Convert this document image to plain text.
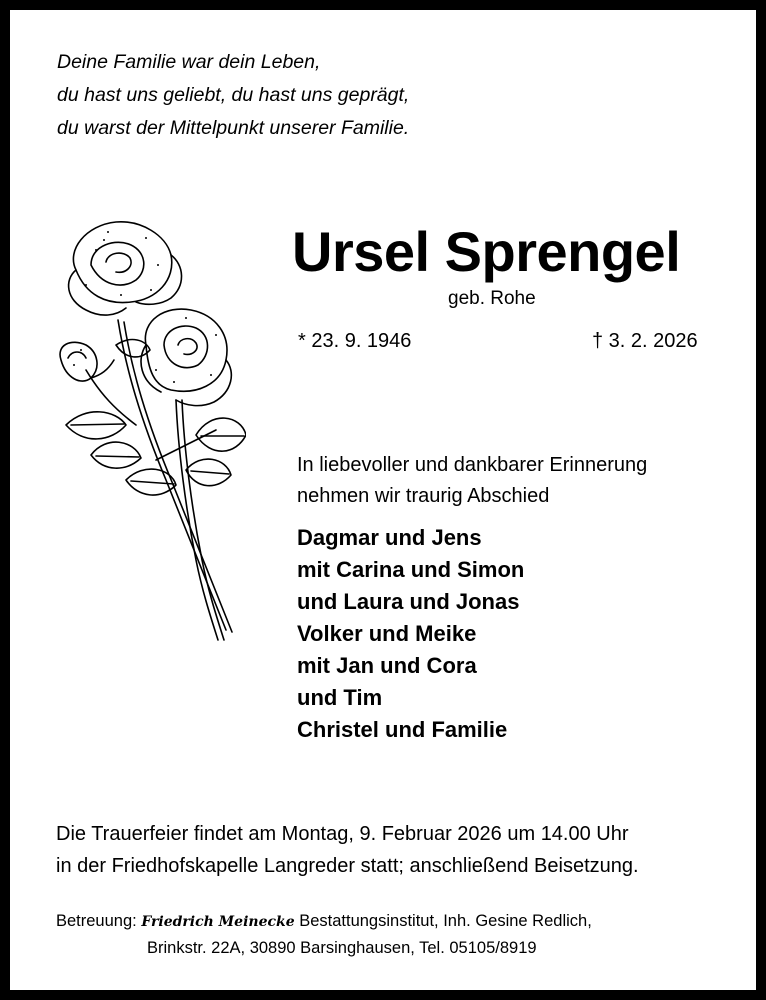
Deine Familie war dein Leben,
du hast uns geliebt, du hast uns geprägt,
du warst der Mittelpunkt unserer Familie.
Ursel Sprengel
geb. Rohe
* 23. 9. 1946	† 3. 2. 2026
In liebevoller und dankbarer Erinnerung
nehmen wir traurig Abschied
Dagmar und Jens
mit Carina und Simon
und Laura und Jonas
Volker und Meike
mit Jan und Cora
und Tim
Christel und Familie
Die Trauerfeier findet am Montag, 9. Februar 2026 um 14.00 Uhr
in der Friedhofskapelle Langreder statt; anschließend Beisetzung.
Betreuung: Friedrich Meinecke Bestattungsinstitut, Inh. Gesine Redlich,
Brinkstr. 22A, 30890 Barsinghausen, Tel. 05105/8919
